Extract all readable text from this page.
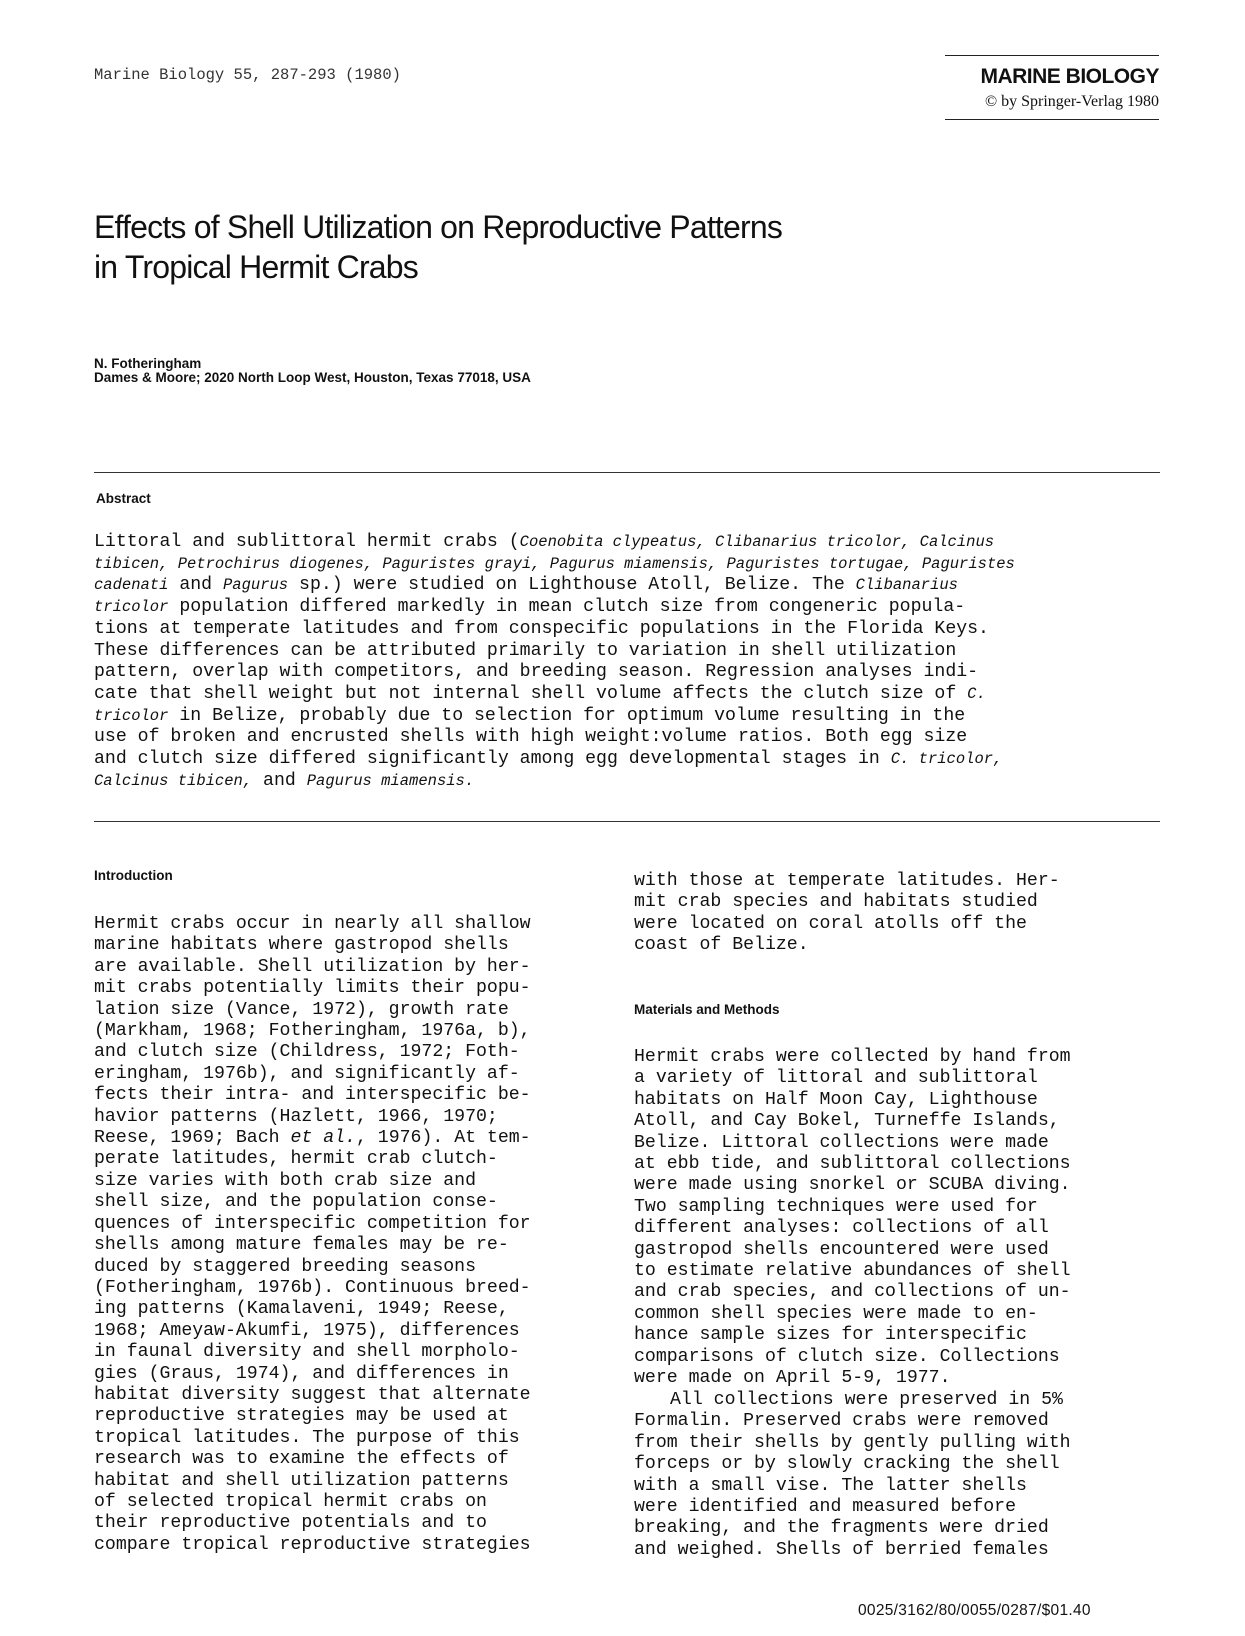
Marine Biology 55, 287-293 (1980)	MARINE BIOLOGY
© by Springer-Verlag 1980
Effects of Shell Utilization on Reproductive Patterns
in Tropical Hermit Crabs
N. Fotheringham
Dames & Moore; 2020 North Loop West, Houston, Texas 77018, USA
Abstract
Littoral and sublittoral hermit crabs (Coenobita clypeatus, Clibanarius tricolor, Calcinus
tibicen, Petrochirus diogenes, Paguristes grayi, Pagurus miamensis, Paguristes tortugae, Paguristes
cadenati and Pagurus sp.) were studied on Lighthouse Atoll, Belize. The Clibanarius
tricolor population differed markedly in mean clutch size from congeneric popula-
tions at temperate latitudes and from conspecific populations in the Florida Keys.
These differences can be attributed primarily to variation in shell utilization
pattern, overlap with competitors, and breeding season. Regression analyses indi-
cate that shell weight but not internal shell volume affects the clutch size of C.
tricolor in Belize, probably due to selection for optimum volume resulting in the
use of broken and encrusted shells with high weight:volume ratios. Both egg size
and clutch size differed significantly among egg developmental stages in C. tricolor,
Calcinus tibicen, and Pagurus miamensis.
Introduction
Hermit crabs occur in nearly all shallow
marine habitats where gastropod shells
are available. Shell utilization by her-
mit crabs potentially limits their popu-
lation size (Vance, 1972), growth rate
(Markham, 1968; Fotheringham, 1976a, b),
and clutch size (Childress, 1972; Foth-
eringham, 1976b), and significantly af-
fects their intra- and interspecific be-
havior patterns (Hazlett, 1966, 1970;
Reese, 1969; Bach et al., 1976). At tem-
perate latitudes, hermit crab clutch-
size varies with both crab size and
shell size, and the population conse-
quences of interspecific competition for
shells among mature females may be re-
duced by staggered breeding seasons
(Fotheringham, 1976b). Continuous breed-
ing patterns (Kamalaveni, 1949; Reese,
1968; Ameyaw-Akumfi, 1975), differences
in faunal diversity and shell morpholo-
gies (Graus, 1974), and differences in
habitat diversity suggest that alternate
reproductive strategies may be used at
tropical latitudes. The purpose of this
research was to examine the effects of
habitat and shell utilization patterns
of selected tropical hermit crabs on
their reproductive potentials and to
compare tropical reproductive strategies
with those at temperate latitudes. Her-
mit crab species and habitats studied
were located on coral atolls off the
coast of Belize.
Materials and Methods
Hermit crabs were collected by hand from
a variety of littoral and sublittoral
habitats on Half Moon Cay, Lighthouse
Atoll, and Cay Bokel, Turneffe Islands,
Belize. Littoral collections were made
at ebb tide, and sublittoral collections
were made using snorkel or SCUBA diving.
Two sampling techniques were used for
different analyses: collections of all
gastropod shells encountered were used
to estimate relative abundances of shell
and crab species, and collections of un-
common shell species were made to en-
hance sample sizes for interspecific
comparisons of clutch size. Collections
were made on April 5-9, 1977.
All collections were preserved in 5%
Formalin. Preserved crabs were removed
from their shells by gently pulling with
forceps or by slowly cracking the shell
with a small vise. The latter shells
were identified and measured before
breaking, and the fragments were dried
and weighed. Shells of berried females
0025/3162/80/0055/0287/$01.40
